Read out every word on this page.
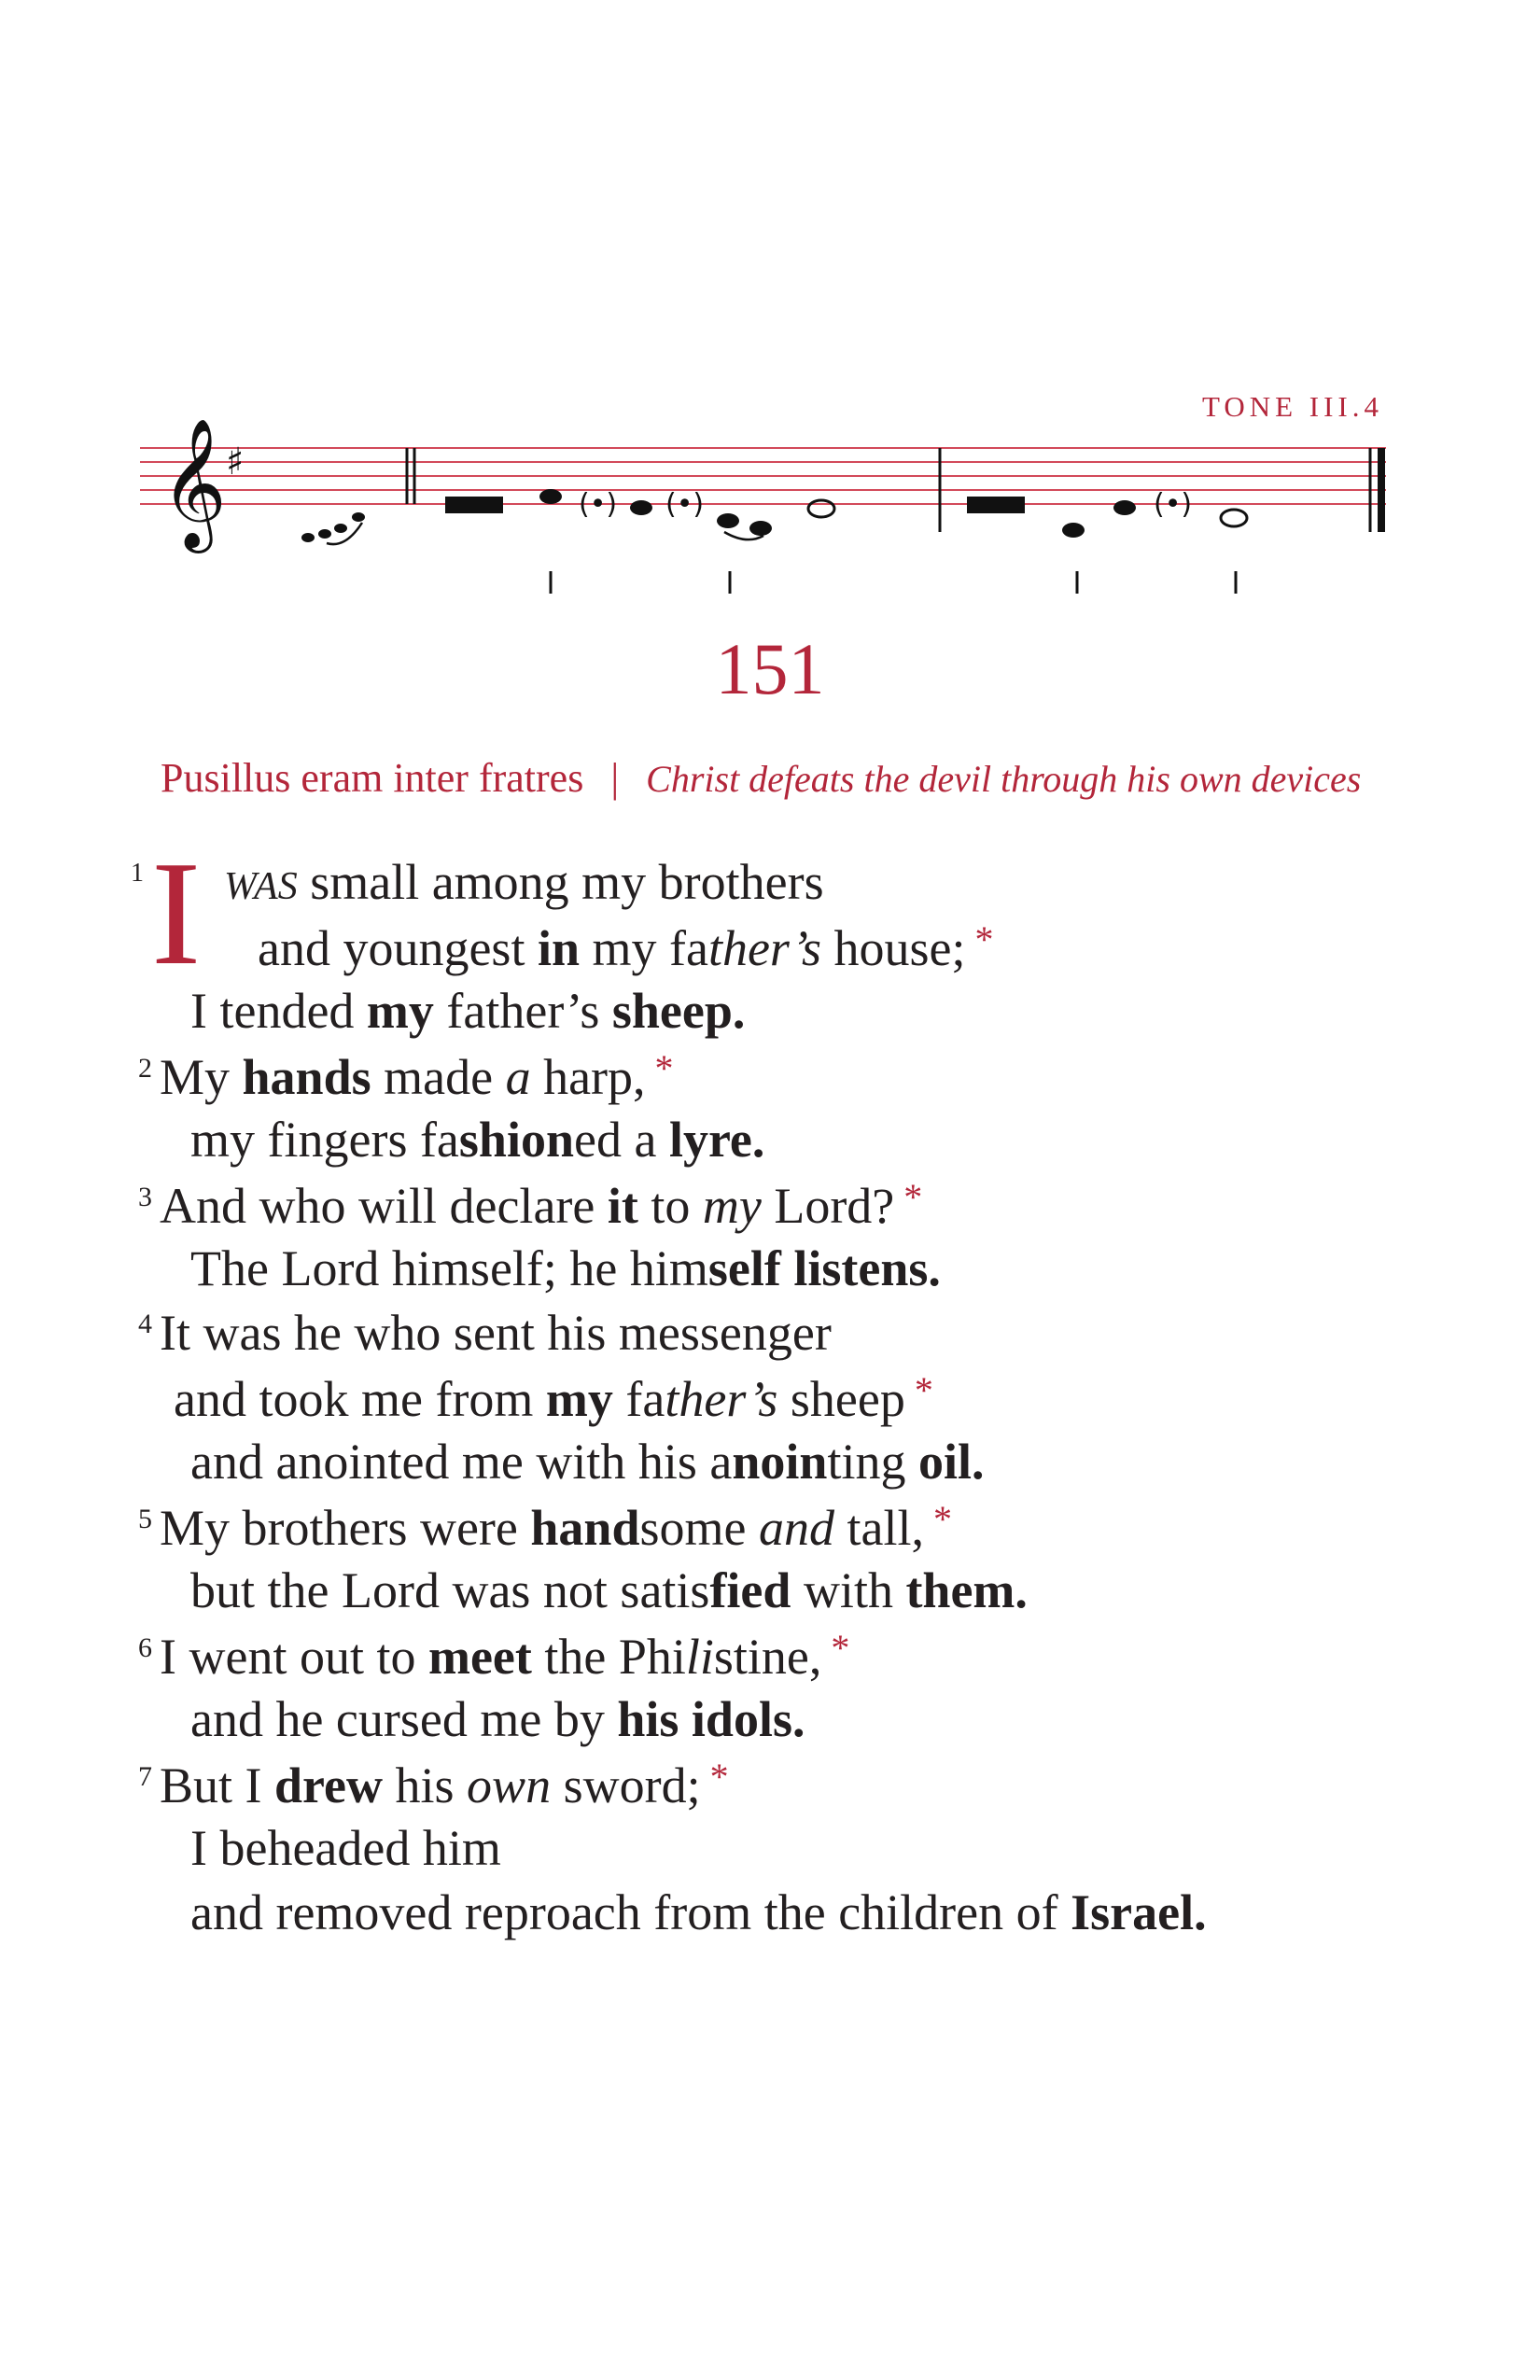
TONE III.4
𝄞 ♯
(•) (•)	(•)
151
Pusillus eram inter fratres | Christ defeats the devil through his own devices
1 I WAS small among my brothers
and youngest in my father’s house; *
I tended my father’s sheep.
$^2$ My hands made a harp, *
my fingers fashioned a lyre.
$^3$ And who will declare it to my Lord? *
The Lord himself; he himself listens.
$^4$ It was he who sent his messenger
and took me from my father’s sheep *
and anointed me with his anointing oil.
$^5$ My brothers were handsome and tall, *
but the Lord was not satisfied with them.
$^6$ I went out to meet the Philistine, *
and he cursed me by his idols.
$^7$ But I drew his own sword; *
I beheaded him
and removed reproach from the children of Israel.
